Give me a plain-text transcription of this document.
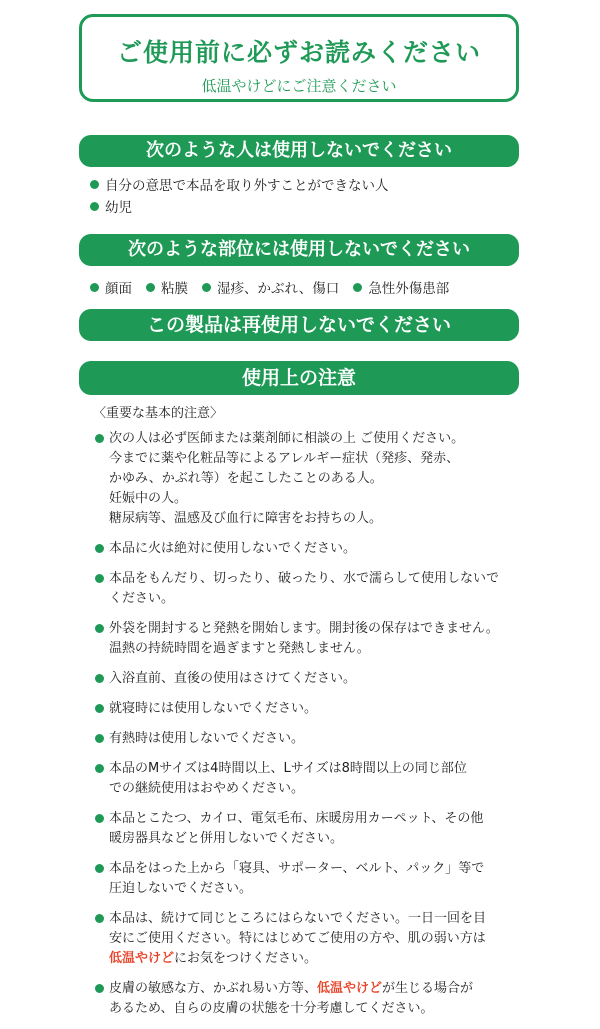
ご使用前に必ずお読みください
低温やけどにご注意ください
次のような人は使用しないでください
自分の意思で本品を取り外すことができない人
幼児
次のような部位には使用しないでください
顔面 粘膜 湿疹、かぶれ、傷口 急性外傷患部
この製品は再使用しないでください
使用上の注意
〈重要な基本的注意〉
次の人は必ず医師または薬剤師に相談の上 ご使用ください。
今までに薬や化粧品等によるアレルギー症状（発疹、発赤、
かゆみ、かぶれ等）を起こしたことのある人。
妊娠中の人。
糖尿病等、温感及び血行に障害をお持ちの人。
本品に火は絶対に使用しないでください。
本品をもんだり、切ったり、破ったり、水で濡らして使用しないで
ください。
外袋を開封すると発熱を開始します。開封後の保存はできません。
温熱の持続時間を過ぎますと発熱しません。
入浴直前、直後の使用はさけてください。
就寝時には使用しないでください。
有熱時は使用しないでください。
本品のMサイズは4時間以上、Lサイズは8時間以上の同じ部位
での継続使用はおやめください。
本品とこたつ、カイロ、電気毛布、床暖房用カーペット、その他
暖房器具などと併用しないでください。
本品をはった上から「寝具、サポーター、ベルト、パック」等で
圧迫しないでください。
本品は、続けて同じところにはらないでください。一日一回を目
安にご使用ください。特にはじめてご使用の方や、肌の弱い方は
低温やけどにお気をつけください。
皮膚の敏感な方、かぶれ易い方等、低温やけどが生じる場合が
あるため、自らの皮膚の状態を十分考慮してください。
